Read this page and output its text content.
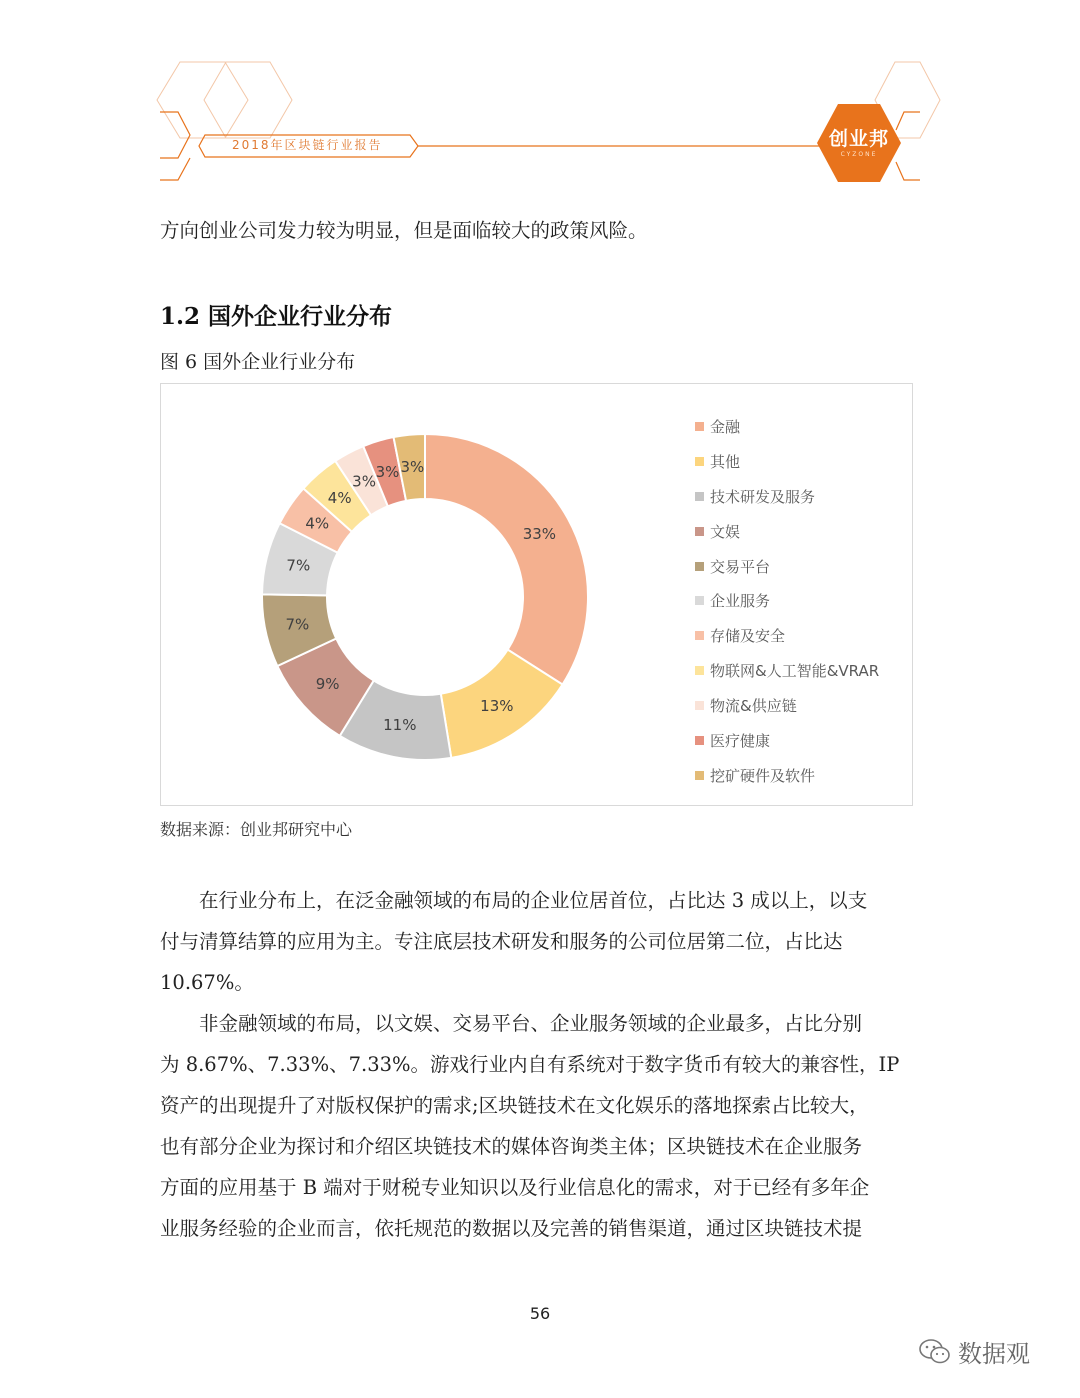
2018年区块链行业报告	创业邦
CYZONE
方向创业公司发力较为明显，但是面临较大的政策风险。
1.2 国外企业行业分布
图 6 国外企业行业分布
33%
13%
11%
9%
7%
7%
4%
4%
3%
3% 3%
金融
其他
技术研发及服务
文娱
交易平台
企业服务
存储及安全
物联网&人工智能&VRAR
物流&供应链
医疗健康
挖矿硬件及软件
数据来源：创业邦研究中心
在行业分布上，在泛金融领域的布局的企业位居首位，占比达 3 成以上，以支
付与清算结算的应用为主。专注底层技术研发和服务的公司位居第二位，占比达
10.67%。
非金融领域的布局，以文娱、交易平台、企业服务领域的企业最多，占比分别
为 8.67%、7.33%、7.33%。游戏行业内自有系统对于数字货币有较大的兼容性，IP
资产的出现提升了对版权保护的需求;区块链技术在文化娱乐的落地探索占比较大，
也有部分企业为探讨和介绍区块链技术的媒体咨询类主体；区块链技术在企业服务
方面的应用基于 B 端对于财税专业知识以及行业信息化的需求，对于已经有多年企
业服务经验的企业而言，依托规范的数据以及完善的销售渠道，通过区块链技术提
56
数据观
